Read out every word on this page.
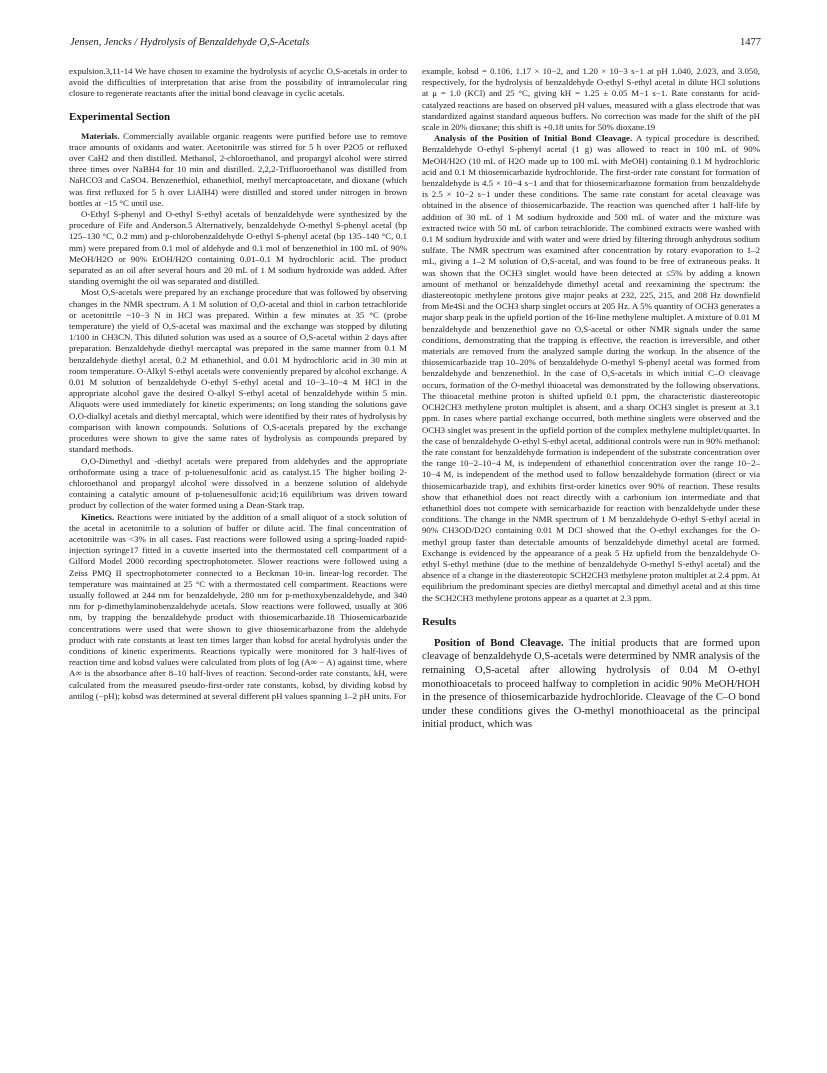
Jensen, Jencks / Hydrolysis of Benzaldehyde O,S-Acetals	1477

expulsion.3,11-14 We have chosen to examine the hydrolysis of acyclic O,S-acetals in order to avoid the difficulties of interpretation that arise from the possibility of intramolecular ring closure to regenerate reactants after the initial bond cleavage in cyclic acetals.

Experimental Section

Materials. Commercially available organic reagents were purified before use to remove trace amounts of oxidants and water. Acetonitrile was stirred for 5 h over P2O5 or refluxed over CaH2 and then distilled. Methanol, 2-chloroethanol, and propargyl alcohol were stirred three times over NaBH4 for 10 min and distilled. 2,2,2-Trifluoroethanol was distilled from NaHCO3 and CaSO4. Benzenethiol, ethanethiol, methyl mercaptoacetate, and dioxane (which was first refluxed for 5 h over LiAlH4) were distilled and stored under nitrogen in brown bottles at −15 °C until use.

O-Ethyl S-phenyl and O-ethyl S-ethyl acetals of benzaldehyde were synthesized by the procedure of Fife and Anderson.5 Alternatively, benzaldehyde O-methyl S-phenyl acetal (bp 125–130 °C, 0.2 mm) and p-chlorobenzaldehyde O-ethyl S-phenyl acetal (bp 135–140 °C, 0.1 mm) were prepared from 0.1 mol of aldehyde and 0.1 mol of benzenethiol in 100 mL of 90% MeOH/H2O or 90% EtOH/H2O containing 0.01–0.1 M hydrochloric acid. The product separated as an oil after several hours and 20 mL of 1 M sodium hydroxide was added. After standing overnight the oil was separated and distilled.

Most O,S-acetals were prepared by an exchange procedure that was followed by observing changes in the NMR spectrum. A 1 M solution of O,O-acetal and thiol in carbon tetrachloride or acetonitrile ~10−3 N in HCl was prepared. Within a few minutes at 35 °C (probe temperature) the yield of O,S-acetal was maximal and the exchange was stopped by diluting 1/100 in CH3CN. This diluted solution was used as a source of O,S-acetal within 2 days after preparation. Benzaldehyde diethyl mercaptal was prepared in the same manner from 0.1 M benzaldehyde diethyl acetal, 0.2 M ethanethiol, and 0.01 M hydrochloric acid in 30 min at room temperature. O-Alkyl S-ethyl acetals were conveniently prepared by alcohol exchange. A 0.01 M solution of benzaldehyde O-ethyl S-ethyl acetal and 10−3–10−4 M HCl in the appropriate alcohol gave the desired O-alkyl S-ethyl acetal of benzaldehyde within 5 min. Aliquots were used immediately for kinetic experiments; on long standing the solutions gave O,O-dialkyl acetals and diethyl mercaptal, which were identified by their rates of hydrolysis by comparison with known compounds. Solutions of O,S-acetals prepared by the exchange procedures were shown to give the same rates of hydrolysis as compounds prepared by standard methods.

O,O-Dimethyl and -diethyl acetals were prepared from aldehydes and the appropriate orthoformate using a trace of p-toluenesulfonic acid as catalyst.15 The higher boiling 2-chloroethanol and propargyl alcohol were dissolved in a benzene solution of aldehyde containing a catalytic amount of p-toluenesulfonic acid;16 equilibrium was driven toward product by collection of the water formed using a Dean-Stark trap.

Kinetics. Reactions were initiated by the addition of a small aliquot of a stock solution of the acetal in acetonitrile to a solution of buffer or dilute acid. The final concentration of acetonitrile was <3% in all cases. Fast reactions were followed using a spring-loaded rapid-injection syringe17 fitted in a cuvette inserted into the thermostated cell compartment of a Gilford Model 2000 recording spectrophotometer. Slower reactions were followed using a Zeiss PMQ II spectrophotometer connected to a Beckman 10-in. linear-log recorder. The temperature was maintained at 25 °C with a thermostated cell compartment. Reactions were usually followed at 244 nm for benzaldehyde, 280 nm for p-methoxybenzaldehyde, and 340 nm for p-dimethylaminobenzaldehyde acetals. Slow reactions were followed, usually at 306 nm, by trapping the benzaldehyde product with thiosemicarbazide.18 Thiosemicarbazide concentrations were used that were shown to give thiosemicarbazone from the aldehyde product with rate constants at least ten times larger than kobsd for acetal hydrolysis under the conditions of kinetic experiments. Reactions typically were monitored for 3 half-lives of reaction time and kobsd values were calculated from plots of log (A∞ − A) against time, where A∞ is the absorbance after 8–10 half-lives of reaction. Second-order rate constants, kH, were calculated from the measured pseudo-first-order rate constants, kobsd, by dividing kobsd by antilog (−pH); kobsd was determined at several different pH values spanning 1–2 pH units. For

example, kobsd = 0.106, 1.17 × 10−2, and 1.20 × 10−3 s−1 at pH 1.040, 2.023, and 3.050, respectively, for the hydrolysis of benzaldehyde O-ethyl S-ethyl acetal in dilute HCl solutions at μ = 1.0 (KCl) and 25 °C, giving kH = 1.25 ± 0.05 M−1 s−1. Rate constants for acid-catalyzed reactions are based on observed pH values, measured with a glass electrode that was standardized against standard aqueous buffers. No correction was made for the shift of the pH scale in 20% dioxane; this shift is +0.18 units for 50% dioxane.19

Analysis of the Position of Initial Bond Cleavage. A typical procedure is described. Benzaldehyde O-ethyl S-phenyl acetal (1 g) was allowed to react in 100 mL of 90% MeOH/H2O (10 mL of H2O made up to 100 mL with MeOH) containing 0.1 M hydrochloric acid and 0.1 M thiosemicarbazide hydrochloride. The first-order rate constant for formation of benzaldehyde is 4.5 × 10−4 s−1 and that for thiosemicarbazone formation from benzaldehyde is 2.5 × 10−2 s−1 under these conditions. The same rate constant for acetal cleavage was obtained in the absence of thiosemicarbazide. The reaction was quenched after 1 half-life by addition of 30 mL of 1 M sodium hydroxide and 500 mL of water and the mixture was extracted twice with 50 mL of carbon tetrachloride. The combined extracts were washed with 0.1 M sodium hydroxide and with water and were dried by filtering through anhydrous sodium sulfate. The NMR spectrum was examined after concentration by rotary evaporation to 1–2 mL, giving a 1–2 M solution of O,S-acetal, and was found to be free of extraneous peaks. It was shown that the OCH3 singlet would have been detected at ≤5% by adding a known amount of methanol or benzaldehyde dimethyl acetal and reexamining the spectrum: the diastereotopic methylene protons give major peaks at 232, 225, 215, and 208 Hz downfield from Me4Si and the OCH3 sharp singlet occurs at 205 Hz. A 5% quantity of OCH3 generates a major sharp peak in the upfield portion of the 16-line methylene multiplet. A mixture of 0.01 M benzaldehyde and benzenethiol gave no O,S-acetal or other NMR signals under the same conditions, demonstrating that the trapping is effective, the reaction is irreversible, and other materials are removed from the analyzed sample during the workup. In the absence of the thiosemicarbazide trap 10–20% of benzaldehyde O-methyl S-phenyl acetal was formed from benzaldehyde and benzenethiol. In the case of O,S-acetals in which initial C–O cleavage occurs, formation of the O-methyl thioacetal was demonstrated by the following observations. The thioacetal methine proton is shifted upfield 0.1 ppm, the characteristic diastereotopic OCH2CH3 methylene proton multiplet is absent, and a sharp OCH3 singlet is present at 3.1 ppm. In cases where partial exchange occurred, both methine singlets were observed and the OCH3 singlet was present in the upfield portion of the complex methylene multiplet/quartet. In the case of benzaldehyde O-ethyl S-ethyl acetal, additional controls were run in 90% methanol: the rate constant for benzaldehyde formation is independent of the substrate concentration over the range 10−2–10−4 M, is independent of ethanethiol concentration over the range 10−2–10−4 M, is independent of the method used to follow benzaldehyde formation (direct or via thiosemicarbazide trap), and exhibits first-order kinetics over 90% of reaction. These results show that ethanethiol does not react directly with a carbonium ion intermediate and that ethanethiol does not compete with semicarbazide for reaction with benzaldehyde under these conditions. The change in the NMR spectrum of 1 M benzaldehyde O-ethyl S-ethyl acetal in 90% CH3OD/D2O containing 0.01 M DCl showed that the O-ethyl exchanges for the O-methyl group faster than detectable amounts of benzaldehyde dimethyl acetal are formed. Exchange is evidenced by the appearance of a peak 5 Hz upfield from the benzaldehyde O-ethyl S-ethyl methine (due to the methine of benzaldehyde O-methyl S-ethyl acetal) and the absence of a change in the diastereotopic SCH2CH3 methylene proton multiplet at 2.4 ppm. At equilibrium the predominant species are diethyl mercaptal and dimethyl acetal and at this time the SCH2CH3 methylene protons appear as a quartet at 2.3 ppm.

Results

Position of Bond Cleavage. The initial products that are formed upon cleavage of benzaldehyde O,S-acetals were determined by NMR analysis of the remaining O,S-acetal after allowing hydrolysis of 0.04 M O-ethyl monothioacetals to proceed halfway to completion in acidic 90% MeOH/HOH in the presence of thiosemicarbazide hydrochloride. Cleavage of the C–O bond under these conditions gives the O-methyl monothioacetal as the principal initial product, which was
